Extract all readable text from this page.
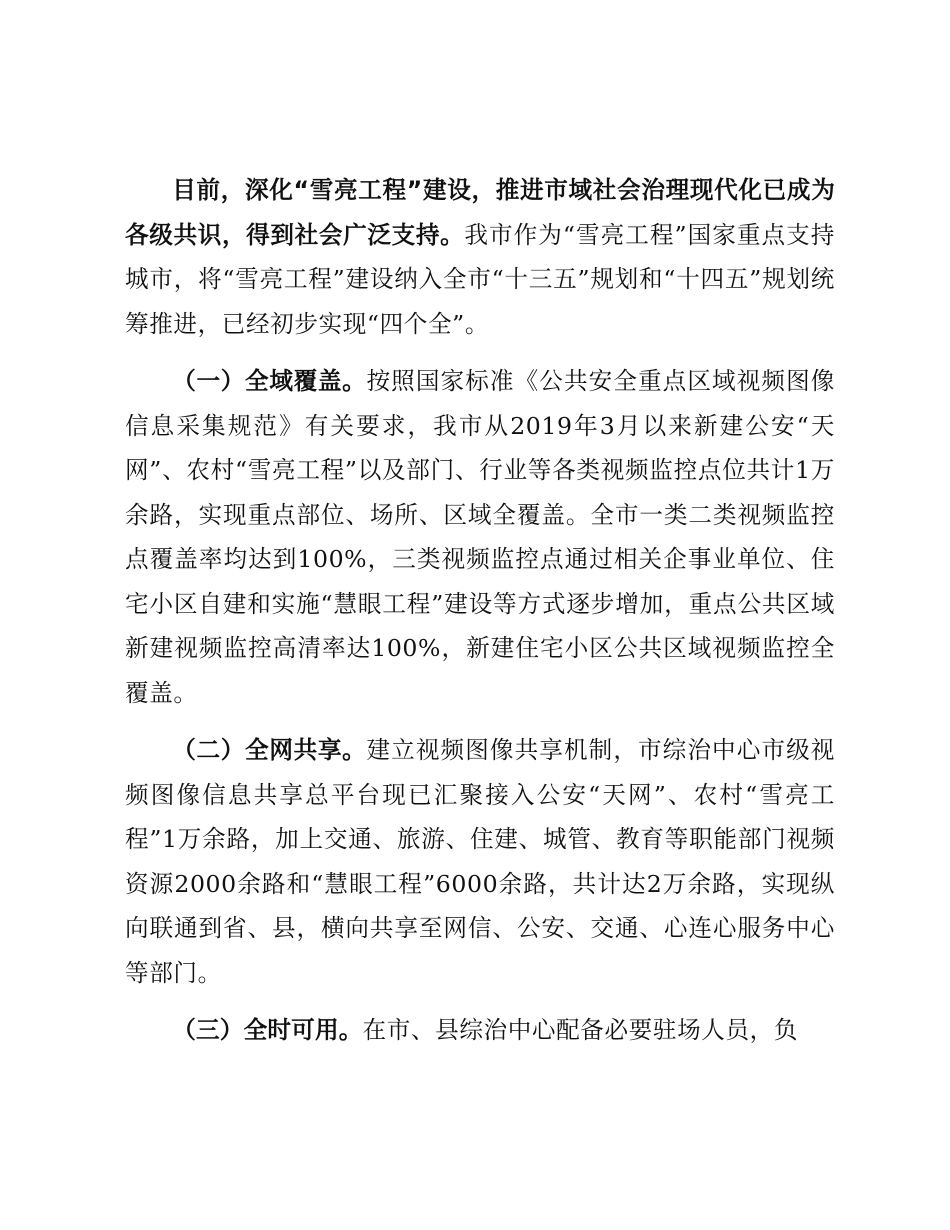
目前，深化“雪亮工程”建设，推进市域社会治理现代化已成为各级共识，得到社会广泛支持。我市作为“雪亮工程”国家重点支持城市，将“雪亮工程”建设纳入全市“十三五”规划和“十四五”规划统筹推进，已经初步实现“四个全”。

（一）全域覆盖。按照国家标准《公共安全重点区域视频图像信息采集规范》有关要求，我市从2019年3月以来新建公安“天网”、农村“雪亮工程”以及部门、行业等各类视频监控点位共计1万余路，实现重点部位、场所、区域全覆盖。全市一类二类视频监控点覆盖率均达到100%，三类视频监控点通过相关企事业单位、住宅小区自建和实施“慧眼工程”建设等方式逐步增加，重点公共区域新建视频监控高清率达100%，新建住宅小区公共区域视频监控全覆盖。

（二）全网共享。建立视频图像共享机制，市综治中心市级视频图像信息共享总平台现已汇聚接入公安“天网”、农村“雪亮工程”1万余路，加上交通、旅游、住建、城管、教育等职能部门视频资源2000余路和“慧眼工程”6000余路，共计达2万余路，实现纵向联通到省、县，横向共享至网信、公安、交通、心连心服务中心等部门。

（三）全时可用。在市、县综治中心配备必要驻场人员，负
